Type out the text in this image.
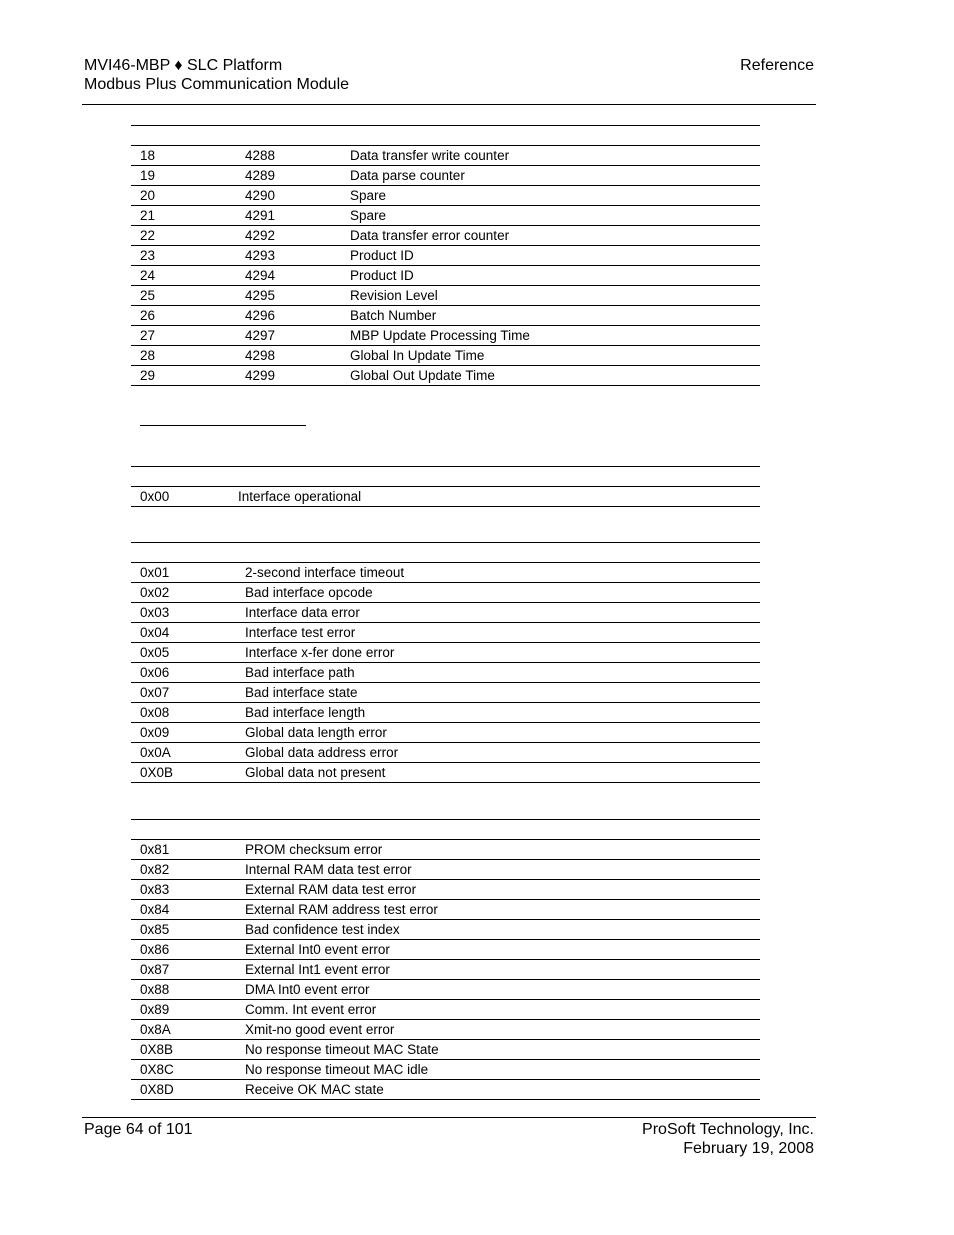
MVI46-MBP ♦ SLC Platform
Modbus Plus Communication Module
Reference
18	4288	Data transfer write counter
19	4289	Data parse counter
20	4290	Spare
21	4291	Spare
22	4292	Data transfer error counter
23	4293	Product ID
24	4294	Product ID
25	4295	Revision Level
26	4296	Batch Number
27	4297	MBP Update Processing Time
28	4298	Global In Update Time
29	4299	Global Out Update Time
0x00	Interface operational
0x01	2-second interface timeout
0x02	Bad interface opcode
0x03	Interface data error
0x04	Interface test error
0x05	Interface x-fer done error
0x06	Bad interface path
0x07	Bad interface state
0x08	Bad interface length
0x09	Global data length error
0x0A	Global data address error
0X0B	Global data not present
0x81	PROM checksum error
0x82	Internal RAM data test error
0x83	External RAM data test error
0x84	External RAM address test error
0x85	Bad confidence test index
0x86	External Int0 event error
0x87	External Int1 event error
0x88	DMA Int0 event error
0x89	Comm. Int event error
0x8A	Xmit-no good event error
0X8B	No response timeout MAC State
0X8C	No response timeout MAC idle
0X8D	Receive OK MAC state
Page 64 of 101	ProSoft Technology, Inc.
February 19, 2008
